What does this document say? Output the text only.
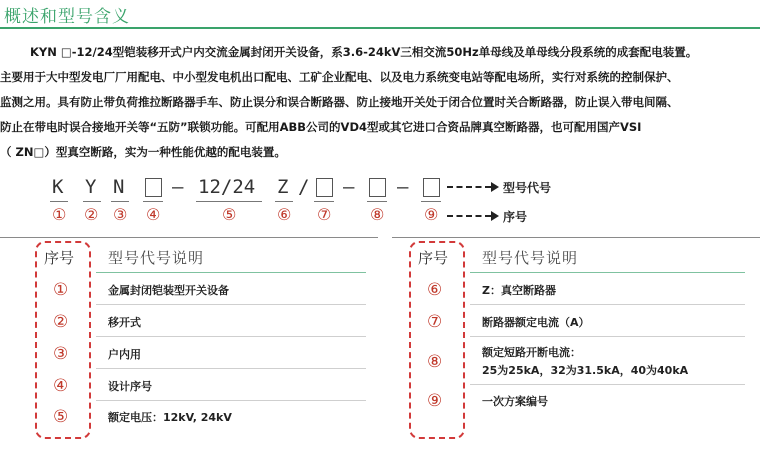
概述和型号含义
KYN □-12/24型铠装移开式户内交流金属封闭开关设备，系3.6-24kV三相交流50Hz单母线及单母线分段系统的成套配电装置。
主要用于大中型发电厂厂用配电、中小型发电机出口配电、工矿企业配电、以及电力系统变电站等配电场所，实行对系统的控制保护、
监测之用。具有防止带负荷推拉断路器手车、防止误分和误合断路器、防止接地开关处于闭合位置时关合断路器，防止误入带电间隔、
防止在带电时误合接地开关等“五防”联锁功能。可配用ABB公司的VD4型或其它进口合资品牌真空断路器，也可配用国产VSI
（ ZN□）型真空断路，实为一种性能优越的配电装置。
K Y N	– 12/24 Z / – –	型号代号
① ② ③ ④	⑤	⑥ ⑦ ⑧ ⑨	序号
序号 型号代号说明
①	金属封闭铠装型开关设备
②	移开式
③	户内用
④	设计序号
⑤	额定电压：12kV, 24kV
序号 型号代号说明
⑥	Z：真空断路器
⑦	断路器额定电流（A）
⑧	额定短路开断电流：
25为25kA，32为31.5kA，40为40kA
⑨	一次方案编号
